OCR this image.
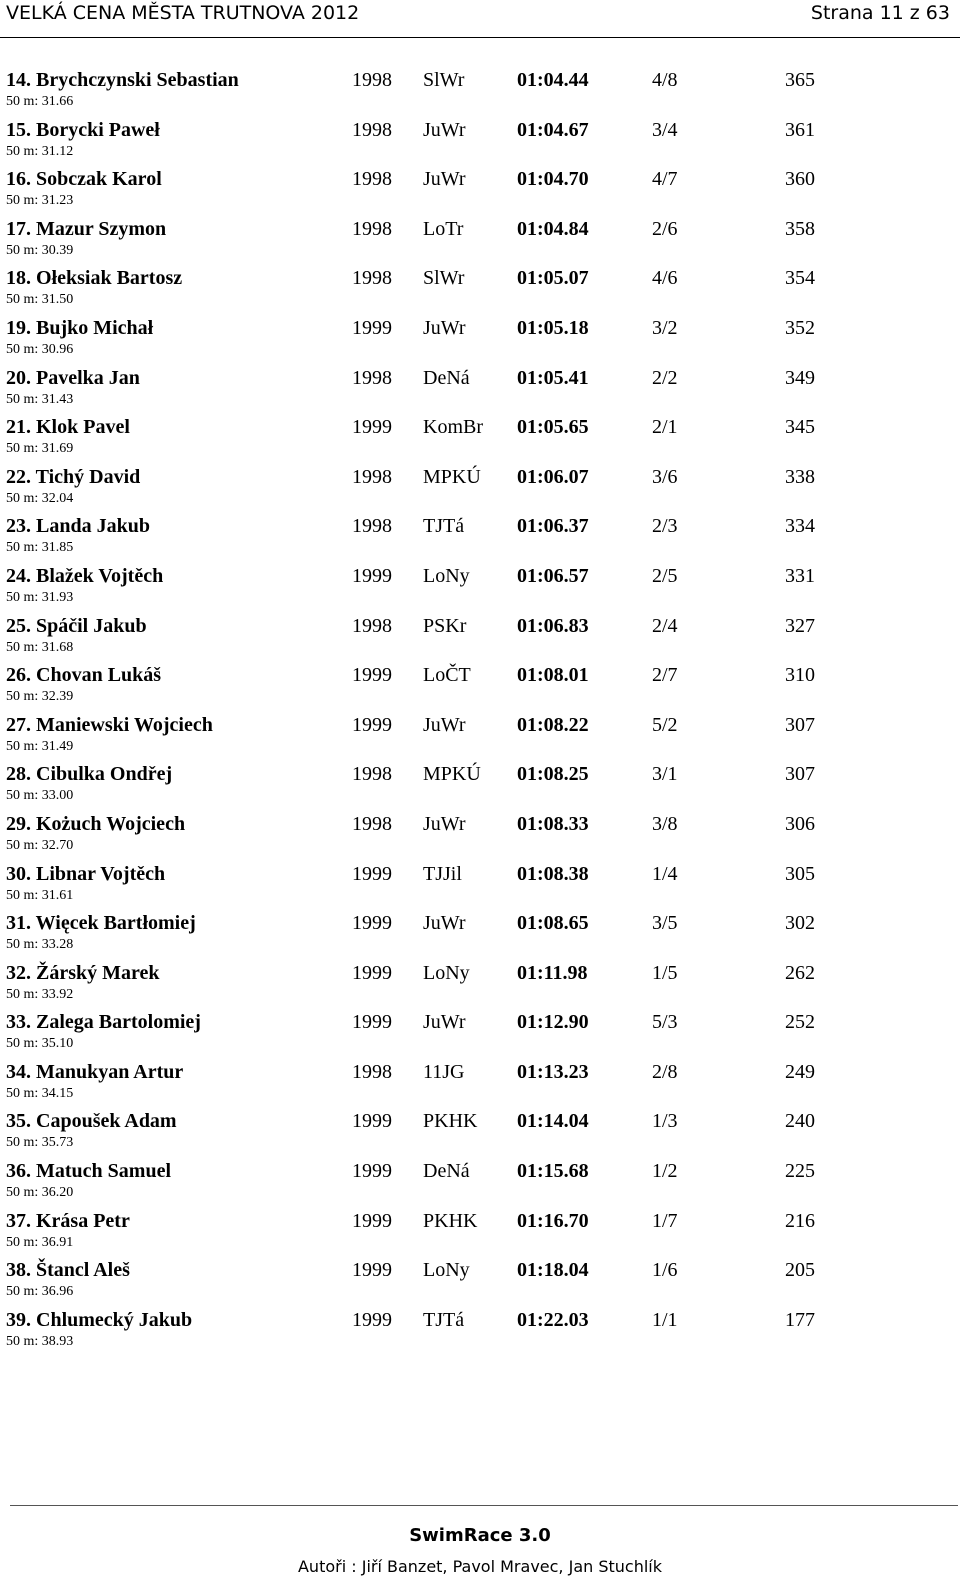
VELKÁ CENA MĚSTA TRUTNOVA 2012	Strana 11 z 63
14. Brychczynski Sebastian	1998 SlWr	01:04.44	4/8	365
50 m: 31.66
15. Borycki Paweł	1998 JuWr	01:04.67	3/4	361
50 m: 31.12
16. Sobczak Karol	1998 JuWr	01:04.70	4/7	360
50 m: 31.23
17. Mazur Szymon	1998 LoTr	01:04.84	2/6	358
50 m: 30.39
18. Ołeksiak Bartosz	1998 SlWr	01:05.07	4/6	354
50 m: 31.50
19. Bujko Michał	1999 JuWr	01:05.18	3/2	352
50 m: 30.96
20. Pavelka Jan	1998 DeNá 01:05.41	2/2	349
50 m: 31.43
21. Klok Pavel	1999 KomBr 01:05.65	2/1	345
50 m: 31.69
22. Tichý David	1998 MPKÚ 01:06.07	3/6	338
50 m: 32.04
23. Landa Jakub	1998 TJTá	01:06.37	2/3	334
50 m: 31.85
24. Blažek Vojtěch	1999 LoNy 01:06.57	2/5	331
50 m: 31.93
25. Spáčil Jakub	1998 PSKr	01:06.83	2/4	327
50 m: 31.68
26. Chovan Lukáš	1999 LoČT 01:08.01	2/7	310
50 m: 32.39
27. Maniewski Wojciech	1999 JuWr	01:08.22	5/2	307
50 m: 31.49
28. Cibulka Ondřej	1998 MPKÚ 01:08.25	3/1	307
50 m: 33.00
29. Kożuch Wojciech	1998 JuWr	01:08.33	3/8	306
50 m: 32.70
30. Libnar Vojtěch	1999 TJJil	01:08.38	1/4	305
50 m: 31.61
31. Więcek Bartłomiej	1999 JuWr	01:08.65	3/5	302
50 m: 33.28
32. Žárský Marek	1999 LoNy 01:11.98	1/5	262
50 m: 33.92
33. Zalega Bartolomiej	1999 JuWr	01:12.90	5/3	252
50 m: 35.10
34. Manukyan Artur	1998 11JG	01:13.23	2/8	249
50 m: 34.15
35. Capoušek Adam	1999 PKHK 01:14.04	1/3	240
50 m: 35.73
36. Matuch Samuel	1999 DeNá 01:15.68	1/2	225
50 m: 36.20
37. Krása Petr	1999 PKHK 01:16.70	1/7	216
50 m: 36.91
38. Štancl Aleš	1999 LoNy 01:18.04	1/6	205
50 m: 36.96
39. Chlumecký Jakub	1999 TJTá	01:22.03	1/1	177
50 m: 38.93
SwimRace 3.0
Autoři : Jiří Banzet, Pavol Mravec, Jan Stuchlík
